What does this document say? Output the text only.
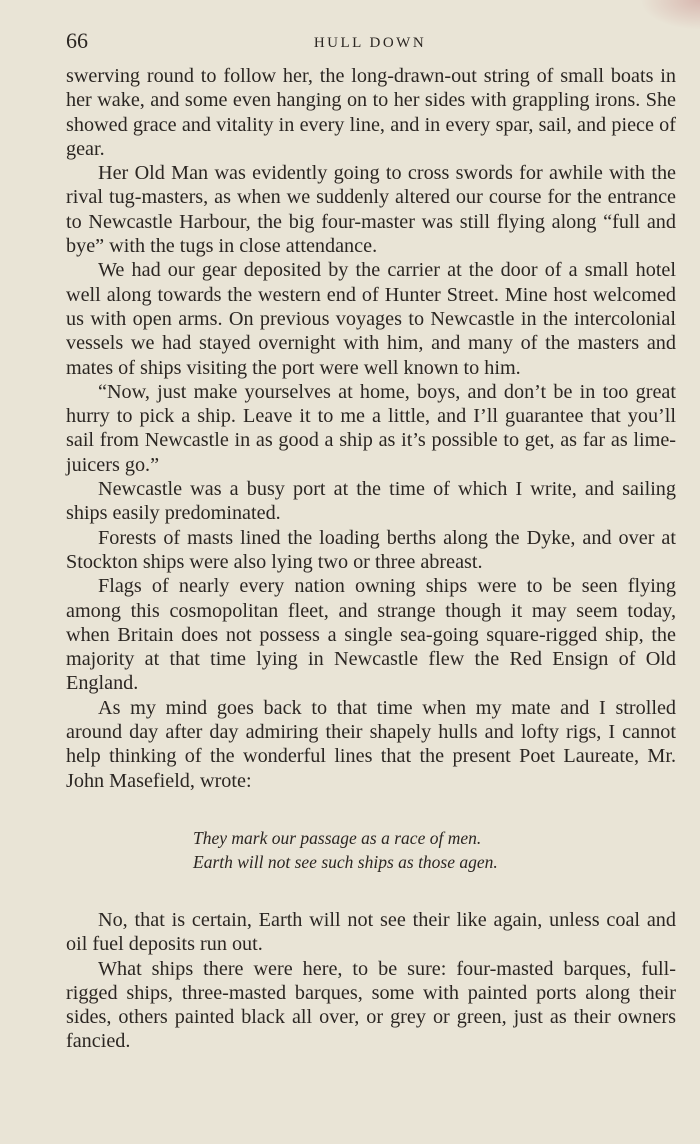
66	HULL DOWN

swerving round to follow her, the long-drawn-out string of small boats in her wake, and some even hanging on to her sides with grappling irons. She showed grace and vitality in every line, and in every spar, sail, and piece of gear.

Her Old Man was evidently going to cross swords for awhile with the rival tug-masters, as when we suddenly altered our course for the entrance to Newcastle Harbour, the big four-master was still flying along “full and bye” with the tugs in close attendance.

We had our gear deposited by the carrier at the door of a small hotel well along towards the western end of Hunter Street. Mine host welcomed us with open arms. On previous voyages to Newcastle in the intercolonial vessels we had stayed overnight with him, and many of the masters and mates of ships visiting the port were well known to him.

“Now, just make yourselves at home, boys, and don’t be in too great hurry to pick a ship. Leave it to me a little, and I’ll guarantee that you’ll sail from Newcastle in as good a ship as it’s possible to get, as far as lime-juicers go.”

Newcastle was a busy port at the time of which I write, and sailing ships easily predominated.

Forests of masts lined the loading berths along the Dyke, and over at Stockton ships were also lying two or three abreast.

Flags of nearly every nation owning ships were to be seen flying among this cosmopolitan fleet, and strange though it may seem today, when Britain does not possess a single sea-going square-rigged ship, the majority at that time lying in Newcastle flew the Red Ensign of Old England.

As my mind goes back to that time when my mate and I strolled around day after day admiring their shapely hulls and lofty rigs, I cannot help thinking of the wonderful lines that the present Poet Laureate, Mr. John Masefield, wrote:

They mark our passage as a race of men.
Earth will not see such ships as those agen.

No, that is certain, Earth will not see their like again, unless coal and oil fuel deposits run out.

What ships there were here, to be sure: four-masted barques, full-rigged ships, three-masted barques, some with painted ports along their sides, others painted black all over, or grey or green, just as their owners fancied.
